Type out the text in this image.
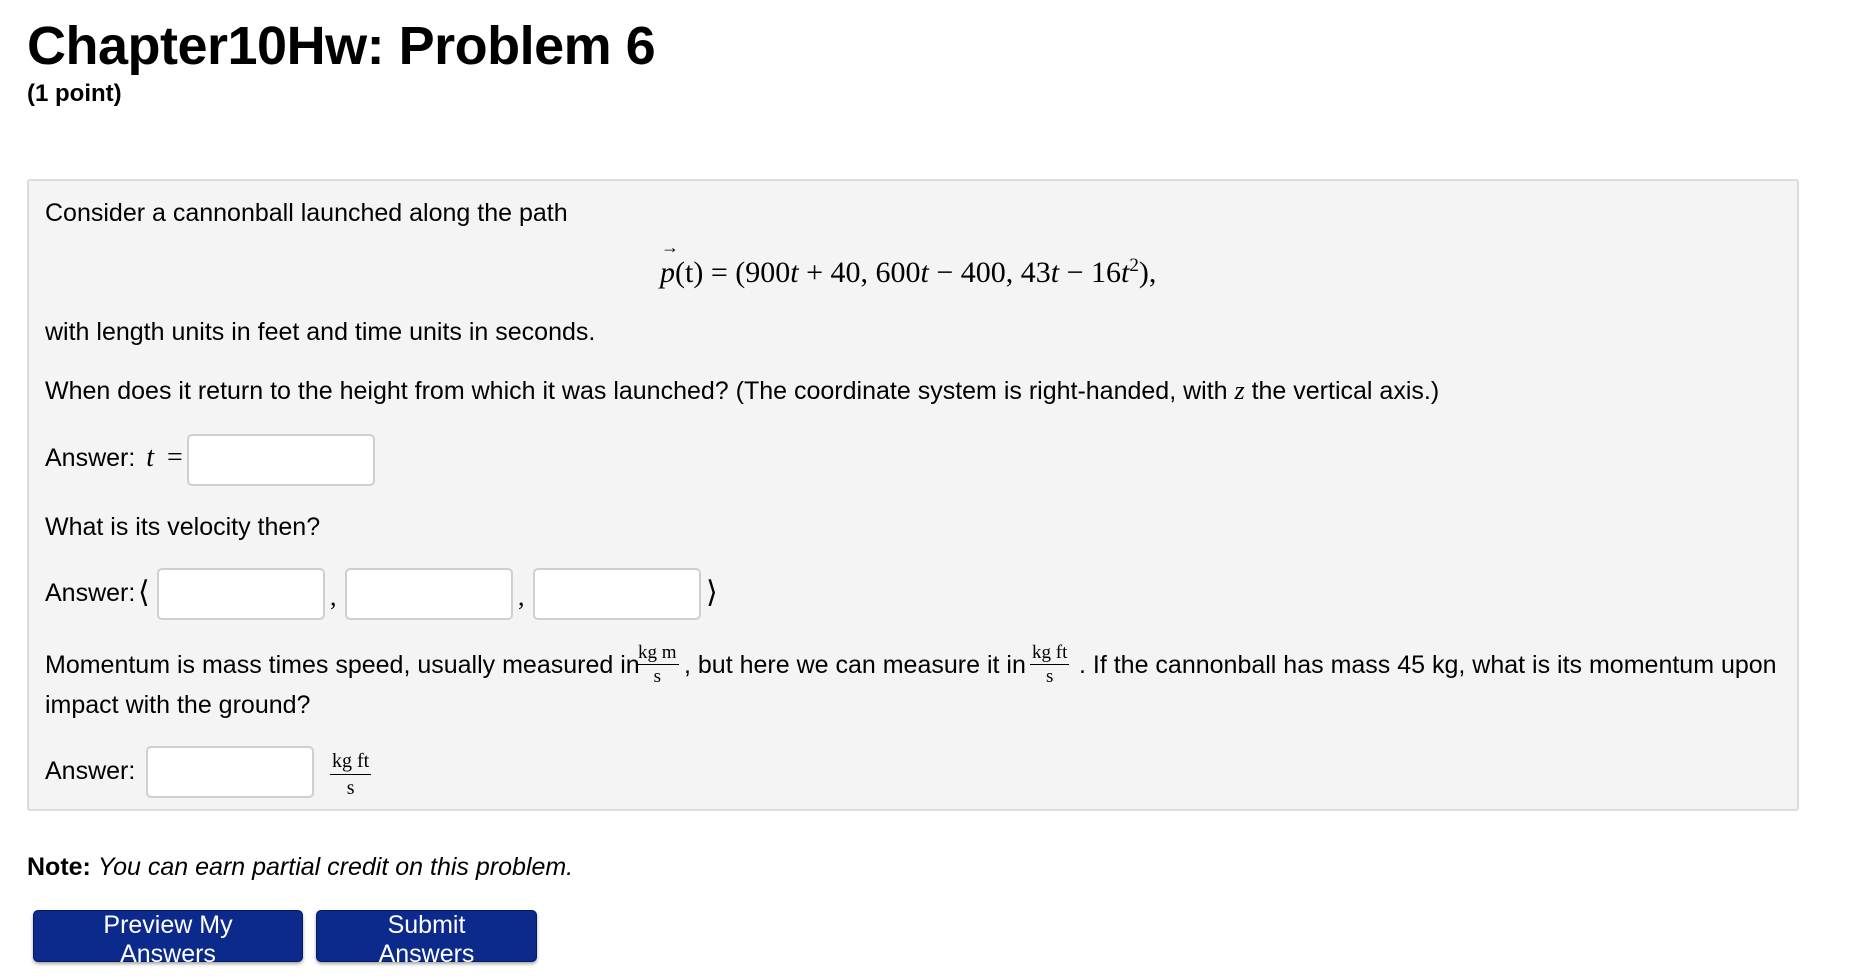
Chapter10Hw: Problem 6
(1 point)
Consider a cannonball launched along the path
→ p(t) = (900t + 40, 600t − 400, $43t - 16t^2$),
with length units in feet and time units in seconds.
When does it return to the height from which it was launched? (The coordinate system is right-handed, with z the vertical axis.)
Answer: t =
What is its velocity then?
Answer: ⟨	,	,	⟩
Momentum is mass times speed, usually measured in
$\frac{\text{kg m}}{s}$ , but here we can measure it in $\frac{\text{kg ft}}{s}$ . If the cannonball has mass 45 kg, what is its momentum upon
impact with the ground?
Answer:	$\frac{\text{kg ft}}{s}$
Note: You can earn partial credit on this problem.
Preview My Answers
Submit Answers
